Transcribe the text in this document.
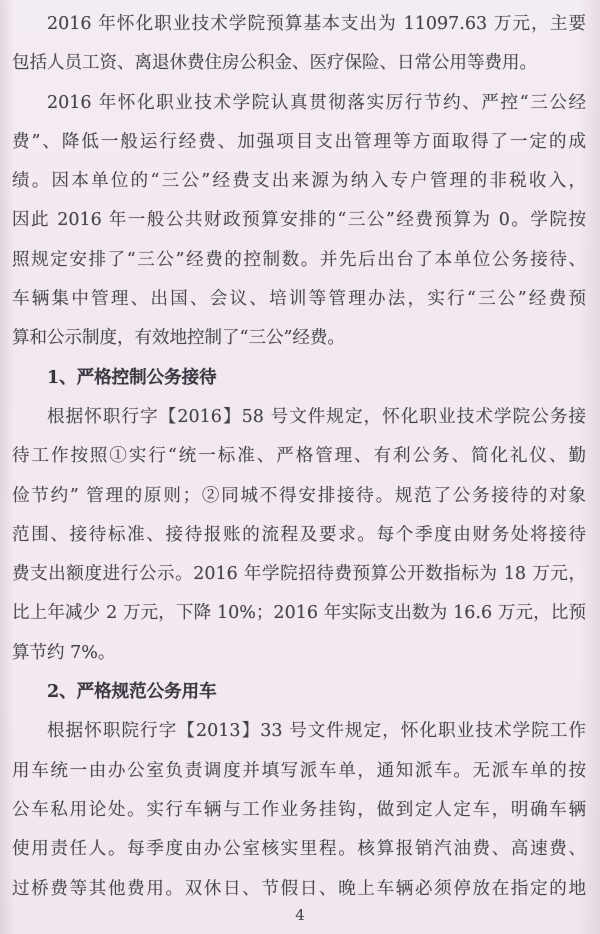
2016 年怀化职业技术学院预算基本支出为 11097.63 万元，主要
包括人员工资、离退休费住房公积金、医疗保险、日常公用等费用。
2016 年怀化职业技术学院认真贯彻落实厉行节约、严控“三公经
费”、降低一般运行经费、加强项目支出管理等方面取得了一定的成
绩。因本单位的“三公”经费支出来源为纳入专户管理的非税收入，
因此 2016 年一般公共财政预算安排的“三公”经费预算为 0。学院按
照规定安排了“三公”经费的控制数。并先后出台了本单位公务接待、
车辆集中管理、出国、会议、培训等管理办法，实行“三公”经费预
算和公示制度，有效地控制了“三公”经费。
1、严格控制公务接待
根据怀职行字【2016】58 号文件规定，怀化职业技术学院公务接
待工作按照①实行“统一标准、严格管理、有利公务、简化礼仪、勤
俭节约” 管理的原则；②同城不得安排接待。规范了公务接待的对象
范围、接待标准、接待报账的流程及要求。每个季度由财务处将接待
费支出额度进行公示。2016 年学院招待费预算公开数指标为 18 万元，
比上年减少 2 万元，下降 10%；2016 年实际支出数为 16.6 万元，比预
算节约 7%。
2、严格规范公务用车
根据怀职院行字【2013】33 号文件规定，怀化职业技术学院工作
用车统一由办公室负责调度并填写派车单，通知派车。无派车单的按
公车私用论处。实行车辆与工作业务挂钩，做到定人定车，明确车辆
使用责任人。每季度由办公室核实里程。核算报销汽油费、高速费、
过桥费等其他费用。双休日、节假日、晚上车辆必须停放在指定的地
4
